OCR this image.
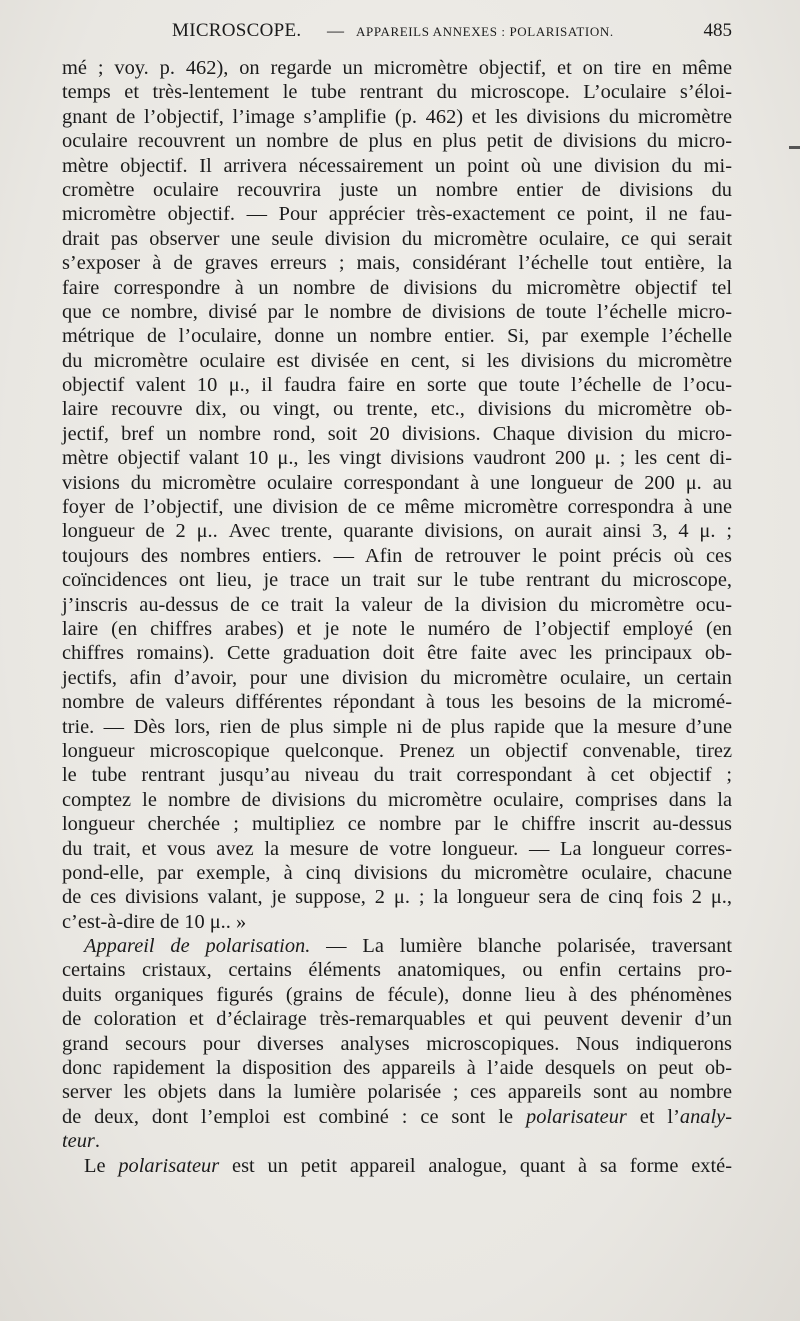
MICROSCOPE. — APPAREILS ANNEXES : POLARISATION.	485
mé ; voy. p. 462), on regarde un micromètre objectif, et on tire en même
temps et très-lentement le tube rentrant du microscope. L’oculaire s’éloi-
gnant de l’objectif, l’image s’amplifie (p. 462) et les divisions du micromètre
oculaire recouvrent un nombre de plus en plus petit de divisions du micro-
mètre objectif. Il arrivera nécessairement un point où une division du mi-
cromètre oculaire recouvrira juste un nombre entier de divisions du
micromètre objectif. — Pour apprécier très-exactement ce point, il ne fau-
drait pas observer une seule division du micromètre oculaire, ce qui serait
s’exposer à de graves erreurs ; mais, considérant l’échelle tout entière, la
faire correspondre à un nombre de divisions du micromètre objectif tel
que ce nombre, divisé par le nombre de divisions de toute l’échelle micro-
métrique de l’oculaire, donne un nombre entier. Si, par exemple l’échelle
du micromètre oculaire est divisée en cent, si les divisions du micromètre
objectif valent 10 μ., il faudra faire en sorte que toute l’échelle de l’ocu-
laire recouvre dix, ou vingt, ou trente, etc., divisions du micromètre ob-
jectif, bref un nombre rond, soit 20 divisions. Chaque division du micro-
mètre objectif valant 10 μ., les vingt divisions vaudront 200 μ. ; les cent di-
visions du micromètre oculaire correspondant à une longueur de 200 μ. au
foyer de l’objectif, une division de ce même micromètre correspondra à une
longueur de 2 μ.. Avec trente, quarante divisions, on aurait ainsi 3, 4 μ. ;
toujours des nombres entiers. — Afin de retrouver le point précis où ces
coïncidences ont lieu, je trace un trait sur le tube rentrant du microscope,
j’inscris au-dessus de ce trait la valeur de la division du micromètre ocu-
laire (en chiffres arabes) et je note le numéro de l’objectif employé (en
chiffres romains). Cette graduation doit être faite avec les principaux ob-
jectifs, afin d’avoir, pour une division du micromètre oculaire, un certain
nombre de valeurs différentes répondant à tous les besoins de la micromé-
trie. — Dès lors, rien de plus simple ni de plus rapide que la mesure d’une
longueur microscopique quelconque. Prenez un objectif convenable, tirez
le tube rentrant jusqu’au niveau du trait correspondant à cet objectif ;
comptez le nombre de divisions du micromètre oculaire, comprises dans la
longueur cherchée ; multipliez ce nombre par le chiffre inscrit au-dessus
du trait, et vous avez la mesure de votre longueur. — La longueur corres-
pond-elle, par exemple, à cinq divisions du micromètre oculaire, chacune
de ces divisions valant, je suppose, 2 μ. ; la longueur sera de cinq fois 2 μ.,
c’est-à-dire de 10 μ.. »
Appareil de polarisation. — La lumière blanche polarisée, traversant
certains cristaux, certains éléments anatomiques, ou enfin certains pro-
duits organiques figurés (grains de fécule), donne lieu à des phénomènes
de coloration et d’éclairage très-remarquables et qui peuvent devenir d’un
grand secours pour diverses analyses microscopiques. Nous indiquerons
donc rapidement la disposition des appareils à l’aide desquels on peut ob-
server les objets dans la lumière polarisée ; ces appareils sont au nombre
de deux, dont l’emploi est combiné : ce sont le polarisateur et l’analy-
teur.
Le polarisateur est un petit appareil analogue, quant à sa forme exté-
